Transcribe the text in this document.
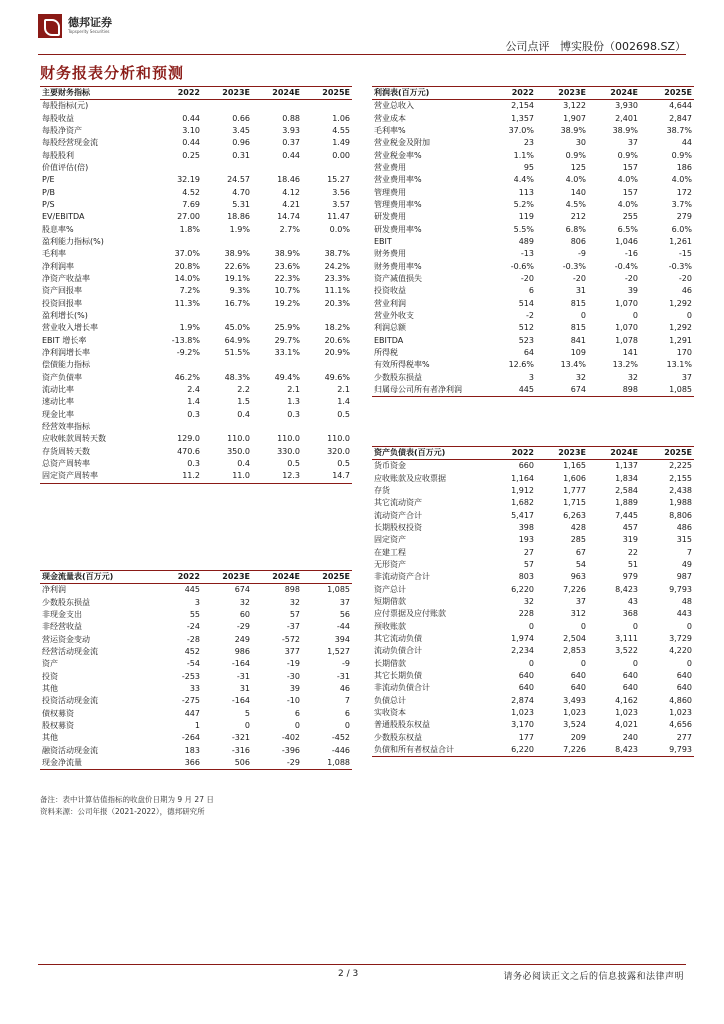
德邦证券
Topsperity Securities
公司点评 博实股份（002698.SZ）
财务报表分析和预测
主要财务指标	2022	2023E	2024E	2025E
每股指标(元)				
每股收益	0.44	0.66	0.88	1.06
每股净资产	3.10	3.45	3.93	4.55
每股经营现金流	0.44	0.96	0.37	1.49
每股股利	0.25	0.31	0.44	0.00
价值评估(倍)				
P/E	32.19	24.57	18.46	15.27
P/B	4.52	4.70	4.12	3.56
P/S	7.69	5.31	4.21	3.57
EV/EBITDA	27.00	18.86	14.74	11.47
股息率%	1.8%	1.9%	2.7%	0.0%
盈利能力指标(%)				
毛利率	37.0%	38.9%	38.9%	38.7%
净利润率	20.8%	22.6%	23.6%	24.2%
净资产收益率	14.0%	19.1%	22.3%	23.3%
资产回报率	7.2%	9.3%	10.7%	11.1%
投资回报率	11.3%	16.7%	19.2%	20.3%
盈利增长(%)				
营业收入增长率	1.9%	45.0%	25.9%	18.2%
EBIT 增长率	-13.8%	64.9%	29.7%	20.6%
净利润增长率	-9.2%	51.5%	33.1%	20.9%
偿债能力指标				
资产负债率	46.2%	48.3%	49.4%	49.6%
流动比率	2.4	2.2	2.1	2.1
速动比率	1.4	1.5	1.3	1.4
现金比率	0.3	0.4	0.3	0.5
经营效率指标				
应收帐款周转天数	129.0	110.0	110.0	110.0
存货周转天数	470.6	350.0	330.0	320.0
总资产周转率	0.3	0.4	0.5	0.5
固定资产周转率	11.2	11.0	12.3	14.7
现金流量表(百万元)	2022	2023E	2024E	2025E
净利润	445	674	898	1,085
少数股东损益	3	32	32	37
非现金支出	55	60	57	56
非经营收益	-24	-29	-37	-44
营运资金变动	-28	249	-572	394
经营活动现金流	452	986	377	1,527
资产	-54	-164	-19	-9
投资	-253	-31	-30	-31
其他	33	31	39	46
投资活动现金流	-275	-164	-10	7
债权募资	447	5	6	6
股权募资	1	0	0	0
其他	-264	-321	-402	-452
融资活动现金流	183	-316	-396	-446
现金净流量	366	506	-29	1,088
利润表(百万元)	2022	2023E	2024E	2025E
营业总收入	2,154	3,122	3,930	4,644
营业成本	1,357	1,907	2,401	2,847
毛利率%	37.0%	38.9%	38.9%	38.7%
营业税金及附加	23	30	37	44
营业税金率%	1.1%	0.9%	0.9%	0.9%
营业费用	95	125	157	186
营业费用率%	4.4%	4.0%	4.0%	4.0%
管理费用	113	140	157	172
管理费用率%	5.2%	4.5%	4.0%	3.7%
研发费用	119	212	255	279
研发费用率%	5.5%	6.8%	6.5%	6.0%
EBIT	489	806	1,046	1,261
财务费用	-13	-9	-16	-15
财务费用率%	-0.6%	-0.3%	-0.4%	-0.3%
资产减值损失	-20	-20	-20	-20
投资收益	6	31	39	46
营业利润	514	815	1,070	1,292
营业外收支	-2	0	0	0
利润总额	512	815	1,070	1,292
EBITDA	523	841	1,078	1,291
所得税	64	109	141	170
有效所得税率%	12.6%	13.4%	13.2%	13.1%
少数股东损益	3	32	32	37
归属母公司所有者净利润	445	674	898	1,085
资产负债表(百万元)	2022	2023E	2024E	2025E
货币资金	660	1,165	1,137	2,225
应收账款及应收票据	1,164	1,606	1,834	2,155
存货	1,912	1,777	2,584	2,438
其它流动资产	1,682	1,715	1,889	1,988
流动资产合计	5,417	6,263	7,445	8,806
长期股权投资	398	428	457	486
固定资产	193	285	319	315
在建工程	27	67	22	7
无形资产	57	54	51	49
非流动资产合计	803	963	979	987
资产总计	6,220	7,226	8,423	9,793
短期借款	32	37	43	48
应付票据及应付账款	228	312	368	443
预收账款	0	0	0	0
其它流动负债	1,974	2,504	3,111	3,729
流动负债合计	2,234	2,853	3,522	4,220
长期借款	0	0	0	0
其它长期负债	640	640	640	640
非流动负债合计	640	640	640	640
负债总计	2,874	3,493	4,162	4,860
实收资本	1,023	1,023	1,023	1,023
普通股股东权益	3,170	3,524	4,021	4,656
少数股东权益	177	209	240	277
负债和所有者权益合计	6,220	7,226	8,423	9,793
备注：表中计算估值指标的收盘价日期为 9 月 27 日
资料来源：公司年报（2021-2022），德邦研究所
2 / 3	请务必阅读正文之后的信息披露和法律声明
